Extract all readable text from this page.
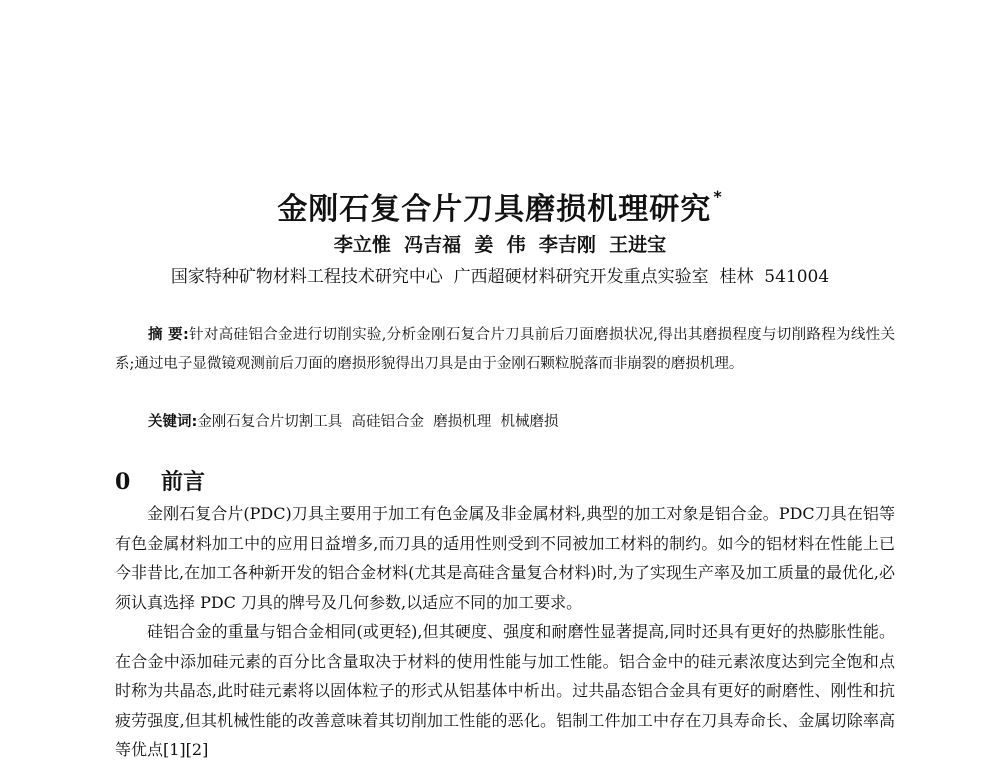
金刚石复合片刀具磨损机理研究 *
李立惟  冯吉福  姜  伟  李吉刚  王进宝
国家特种矿物材料工程技术研究中心  广西超硬材料研究开发重点实验室  桂林  541004
摘 要:针对高硅铝合金进行切削实验,分析金刚石复合片刀具前后刀面磨损状况,得出其磨损程度与切削路程为线性关系;通过电子显微镜观测前后刀面的磨损形貌得出刀具是由于金刚石颗粒脱落而非崩裂的磨损机理。
关键词:金刚石复合片切割工具  高硅铝合金  磨损机理  机械磨损
0 前言

金刚石复合片(PDC)刀具主要用于加工有色金属及非金属材料,典型的加工对象是铝合金。PDC刀具在铝等有色金属材料加工中的应用日益增多,而刀具的适用性则受到不同被加工材料的制约。如今的铝材料在性能上已今非昔比,在加工各种新开发的铝合金材料(尤其是高硅含量复合材料)时,为了实现生产率及加工质量的最优化,必须认真选择 PDC 刀具的牌号及几何参数,以适应不同的加工要求。

硅铝合金的重量与铝合金相同(或更轻),但其硬度、强度和耐磨性显著提高,同时还具有更好的热膨胀性能。在合金中添加硅元素的百分比含量取决于材料的使用性能与加工性能。铝合金中的硅元素浓度达到完全饱和点时称为共晶态,此时硅元素将以固体粒子的形式从铝基体中析出。过共晶态铝合金具有更好的耐磨性、刚性和抗疲劳强度,但其机械性能的改善意味着其切削加工性能的恶化。铝制工件加工中存在刀具寿命长、金属切除率高等优点[1][2]
